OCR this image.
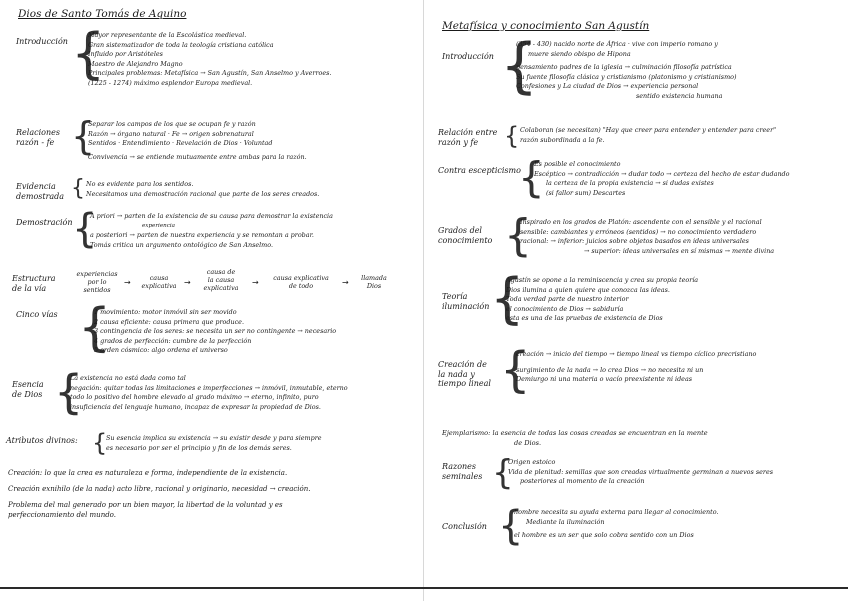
Dios de Santo Tomás de Aquino
Introducción {
Mayor representante de la Escolástica medieval.
Gran sistematizador de toda la teología cristiana católica
Influido por Aristóteles
Maestro de Alejandro Magno
Principales problemas: Metafísica → San Agustín, San Anselmo y Averroes.
(1225 - 1274) máximo esplendor Europa medieval.
Relaciones
razón - fe {
Separar los campos de los que se ocupan fe y razón
Razón → órgano natural · Fe → origen sobrenatural
Sentidos · Entendimiento · Revelación de Dios · Voluntad
Convivencia → se entiende mutuamente entre ambas para la razón.
Evidencia
demostrada { No es evidente para los sentidos.
Necesitamos una demostración racional que parte de los seres creados.
Demostración {
A priori → parten de la existencia de su causa para demostrar la existencia
experiencia
a posteriori → parten de nuestra experiencia y se remontan a probar.
Tomás critica un argumento ontológico de San Anselmo.
Estructura
de la vía
experiencias
por lo
sentidos
→	causa
explicativa →
causa de
la causa
explicativa
→	causa explicativa
de todo	→	llamada
Dios
Cinco vías {
1 movimiento: motor inmóvil sin ser movido
2 causa eficiente: causa primera que produce.
3 contingencia de los seres: se necesita un ser no contingente → necesario
4 grados de perfección: cumbre de la perfección
5 orden cósmico: algo ordena el universo
Esencia
de Dios {
La existencia no está dada como tal
negación: quitar todas las limitaciones e imperfecciones → inmóvil, inmutable, eterno
todo lo positivo del hombre elevado al grado máximo → eterno, infinito, puro
insuficiencia del lenguaje humano, incapaz de expresar la propiedad de Dios.
Atributos divinos: {
Su esencia implica su existencia → su existir desde y para siempre
es necesario por ser el principio y fin de los demás seres.
Creación: lo que la crea es naturaleza e forma, independiente de la existencia.
Creación exnihilo (de la nada) acto libre, racional y originario, necesidad → creación.
Problema del mal generado por un bien mayor, la libertad de la voluntad y es perfeccionamiento del mundo.
Metafísica y conocimiento San Agustín
Introducción {
(354 - 430) nacido norte de África · vive con imperio romano y
muere siendo obispo de Hipona
pensamiento padres de la iglesia → culminación filosofía patrística
Su fuente filosofía clásica y cristianismo (platonismo y cristianismo)
Confesiones y La ciudad de Dios → experiencia personal
sentido existencia humana
Relación entre
razón y fe	{ Colaboran (se necesitan) "Hay que creer para entender y entender para creer"
razón subordinada a la fe.
Contra escepticismo
{
Es posible el conocimiento
Escéptico → contradicción → dudar todo → certeza del hecho de estar dudando
la certeza de la propia existencia → si dudas existes
(si fallor sum) Descartes
Grados del
conocimiento {
Inspirado en los grados de Platón: ascendente con el sensible y el racional
sensible: cambiantes y erróneos (sentidos) → no conocimiento verdadero
racional: → inferior: juicios sobre objetos basados en ideas universales
→ superior: ideas universales en sí mismas → mente divina
Teoría
iluminación {
Agustín se opone a la reminiscencia y crea su propia teoría
Dios ilumina a quien quiere que conozca las ideas.
Toda verdad parte de nuestro interior
el conocimiento de Dios → sabiduría
esta es una de las pruebas de existencia de Dios
Creación de
la nada y
tiempo lineal {
creación → inicio del tiempo → tiempo lineal vs tiempo cíclico precristiano
surgimiento de la nada → lo crea Dios → no necesita ni un
Demiurgo ni una materia o vacío preexistente ni ideas
Ejemplarismo: la esencia de todas las cosas creadas se encuentran en la mente
de Dios.
Razones
seminales {
Origen estoico
Vida de plenitud: semillas que son creadas virtualmente germinan a nuevos seres
posteriores al momento de la creación
Conclusión {
hombre necesita su ayuda externa para llegar al conocimiento.
Mediante la iluminación
el hombre es un ser que solo cobra sentido con un Dios
